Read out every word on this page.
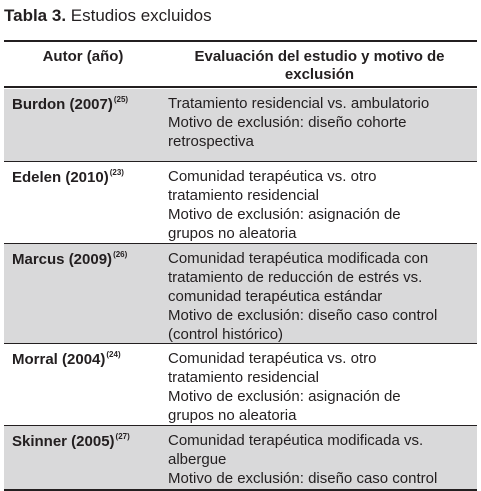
Tabla 3. Estudios excluidos
Autor (año)	Evaluación del estudio y motivo de exclusión
Burdon $(2007)^{(25)}$	Tratamiento residencial vs. ambulatorio
Motivo de exclusión: diseño cohorte
retrospectiva
Edelen $(2010)^{(23)}$	Comunidad terapéutica vs. otro
tratamiento residencial
Motivo de exclusión: asignación de
grupos no aleatoria
Marcus $(2009)^{(26)}$	Comunidad terapéutica modificada con
tratamiento de reducción de estrés vs.
comunidad terapéutica estándar
Motivo de exclusión: diseño caso control
(control histórico)
Morral $(2004)^{(24)}$	Comunidad terapéutica vs. otro
tratamiento residencial
Motivo de exclusión: asignación de
grupos no aleatoria
Skinner $(2005)^{(27)}$	Comunidad terapéutica modificada vs.
albergue
Motivo de exclusión: diseño caso control
